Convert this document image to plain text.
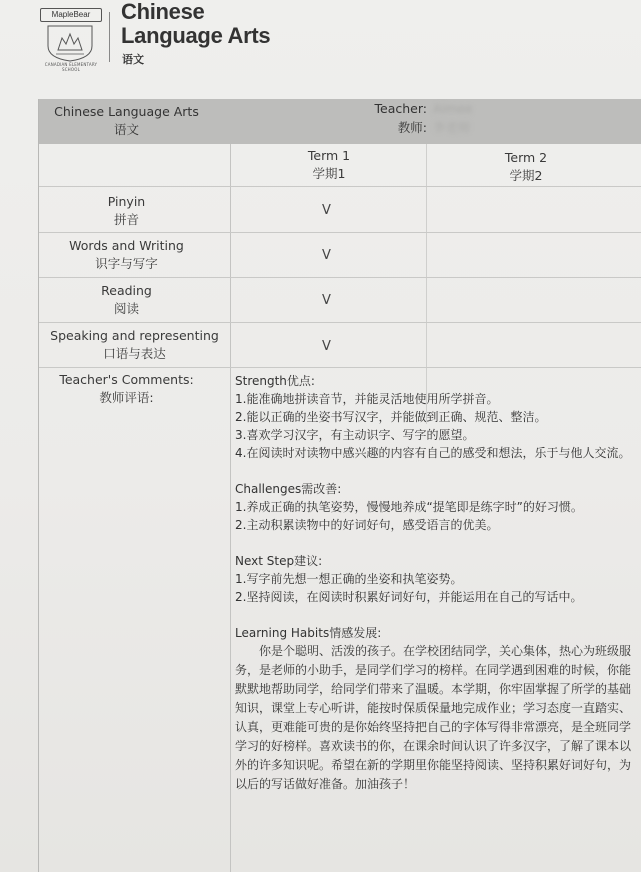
MapleBear
CANADIAN ELEMENTARY SCHOOL
Chinese
Language Arts
语文
Chinese Language Arts
语文
Teacher: Aimee
教师: 李老师
Term 1
学期1
Term 2
学期2
Pinyin
拼音
V
Words and Writing
识字与写字
V
Reading
阅读
V
Speaking and representing
口语与表达	V
Teacher's Comments:
教师评语:

Strength优点:

1.能准确地拼读音节，并能灵活地使用所学拼音。

2.能以正确的坐姿书写汉字，并能做到正确、规范、整洁。

3.喜欢学习汉字，有主动识字、写字的愿望。

4.在阅读时对读物中感兴趣的内容有自己的感受和想法，乐于与他人交流。

Challenges需改善:

1.养成正确的执笔姿势，慢慢地养成“提笔即是练字时”的好习惯。

2.主动积累读物中的好词好句，感受语言的优美。

Next Step建议:

1.写字前先想一想正确的坐姿和执笔姿势。

2.坚持阅读，在阅读时积累好词好句，并能运用在自己的写话中。

Learning Habits情感发展:

你是个聪明、活泼的孩子。在学校团结同学，关心集体，热心为班级服务，是老师的小助手，是同学们学习的榜样。在同学遇到困难的时候，你能默默地帮助同学，给同学们带来了温暖。本学期，你牢固掌握了所学的基础知识，课堂上专心听讲，能按时保质保量地完成作业；学习态度一直踏实、认真，更难能可贵的是你始终坚持把自己的字体写得非常漂亮，是全班同学学习的好榜样。喜欢读书的你，在课余时间认识了许多汉字，了解了课本以外的许多知识呢。希望在新的学期里你能坚持阅读、坚持积累好词好句，为以后的写话做好准备。加油孩子！
